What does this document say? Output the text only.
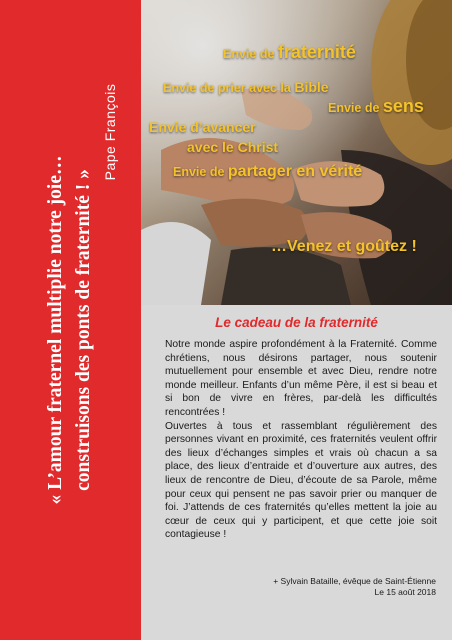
« L’amour fraternel multiplie notre joie… construisons des ponts de fraternité ! »
Pape François
Envie de fraternité
Envie de prier avec la Bible
Envie de sens
Envie d’avancer
avec le Christ
Envie de partager en vérité
…Venez et goûtez !
Le cadeau de la fraternité

Notre monde aspire profondément à la Fraternité. Comme chrétiens, nous désirons partager, nous soutenir mutuellement pour ensemble et avec Dieu, rendre notre monde meilleur. Enfants d’un même Père, il est si beau et si bon de vivre en frères, par-delà les difficultés rencontrées !

Ouvertes à tous et rassemblant régulièrement des personnes vivant en proximité, ces fraternités veulent offrir des lieux d’échanges simples et vrais où chacun a sa place, des lieux d’entraide et d’ouverture aux autres, des lieux de rencontre de Dieu, d’écoute de sa Parole, même pour ceux qui pensent ne pas savoir prier ou manquer de foi. J’attends de ces fraternités qu’elles mettent la joie au cœur de ceux qui y participent, et que cette joie soit contagieuse !

+ Sylvain Bataille, évêque de Saint-Étienne
Le 15 août 2018
